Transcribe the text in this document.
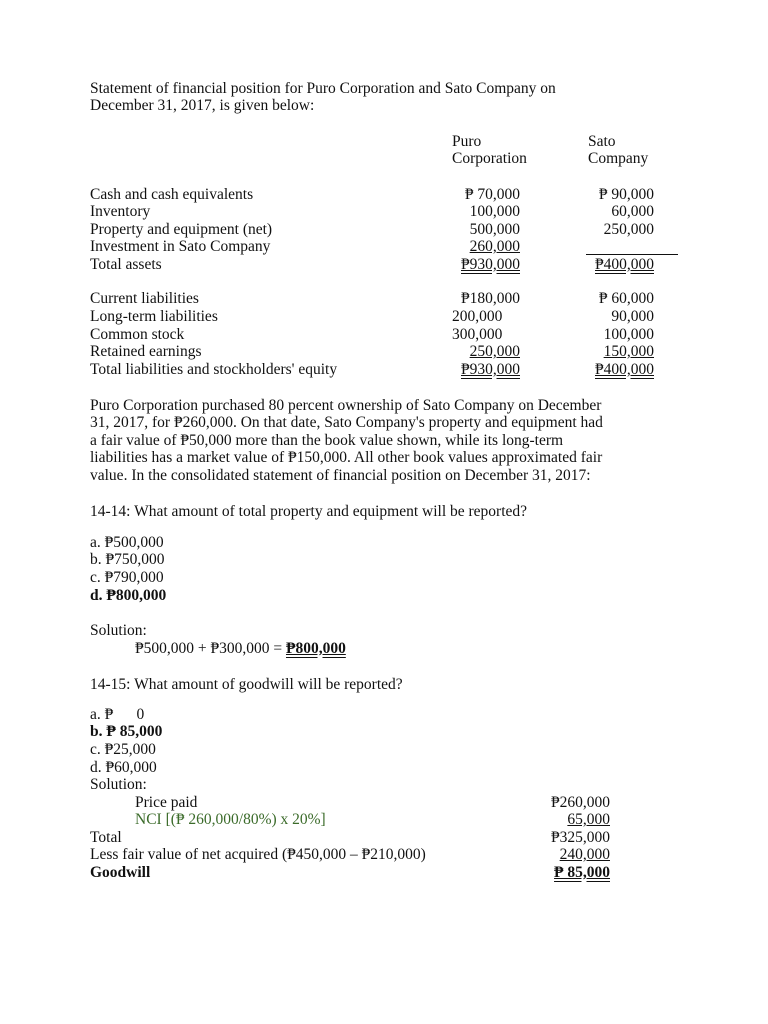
Statement of financial position for Puro Corporation and Sato Company on
December 31, 2017, is given below:
Puro
Corporation
Sato
Company
Cash and cash equivalents
Inventory
Property and equipment (net)
Investment in Sato Company
Total assets
₱ 70,000
100,000
500,000
260,000
₱930,000
₱ 90,000
60,000
250,000
₱400,000
Current liabilities
Long-term liabilities
Common stock
Retained earnings
Total liabilities and stockholders' equity
₱180,000
200,000
300,000
250,000
₱930,000
₱ 60,000
90,000
100,000
150,000
₱400,000
Puro Corporation purchased 80 percent ownership of Sato Company on December
31, 2017, for ₱260,000. On that date, Sato Company's property and equipment had
a fair value of ₱50,000 more than the book value shown, while its long-term
liabilities has a market value of ₱150,000. All other book values approximated fair
value. In the consolidated statement of financial position on December 31, 2017:
14-14: What amount of total property and equipment will be reported?
a. ₱500,000
b. ₱750,000
c. ₱790,000
d. ₱800,000
Solution:
₱500,000 + ₱300,000 = ₱800,000
14-15: What amount of goodwill will be reported?
a. ₱      0
b. ₱ 85,000
c. ₱25,000
d. ₱60,000
Solution:
Price paid
NCI [(₱ 260,000/80%) x 20%]
Total
Less fair value of net acquired (₱450,000 – ₱210,000)
Goodwill
₱260,000
65,000
₱325,000
240,000
₱ 85,000
